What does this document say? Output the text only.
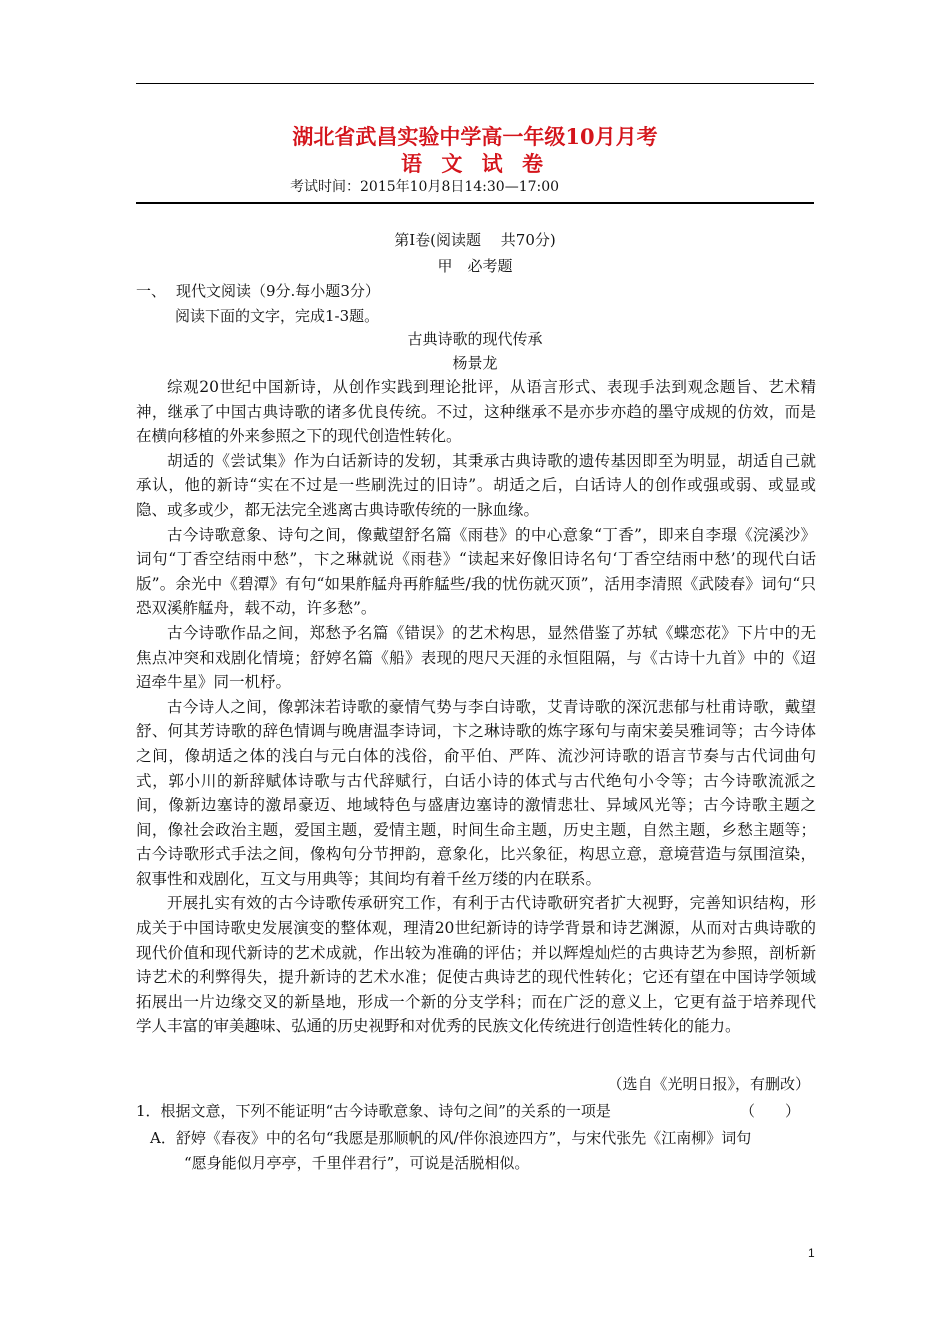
湖北省武昌实验中学高一年级10月月考
语 文 试 卷
考试时间：2015年10月8日14:30—17:00
第Ⅰ卷(阅读题　 共70分)
甲　必考题
一、 现代文阅读（9分.每小题3分）
阅读下面的文字，完成1-3题。
古典诗歌的现代传承
杨景龙

综观20世纪中国新诗，从创作实践到理论批评，从语言形式、表现手法到观念题旨、艺术精神，继承了中国古典诗歌的诸多优良传统。不过，这种继承不是亦步亦趋的墨守成规的仿效，而是在横向移植的外来参照之下的现代创造性转化。

胡适的《尝试集》作为白话新诗的发轫，其秉承古典诗歌的遗传基因即至为明显，胡适自己就承认，他的新诗“实在不过是一些刷洗过的旧诗”。胡适之后，白话诗人的创作或强或弱、或显或隐、或多或少，都无法完全逃离古典诗歌传统的一脉血缘。

古今诗歌意象、诗句之间，像戴望舒名篇《雨巷》的中心意象“丁香”，即来自李璟《浣溪沙》词句“丁香空结雨中愁”，卞之琳就说《雨巷》“读起来好像旧诗名句‘丁香空结雨中愁’的现代白话版”。余光中《碧潭》有句“如果舴艋舟再舴艋些/我的忧伤就灭顶”，活用李清照《武陵春》词句“只恐双溪舴艋舟，载不动，许多愁”。

古今诗歌作品之间，郑愁予名篇《错误》的艺术构思，显然借鉴了苏轼《蝶恋花》下片中的无焦点冲突和戏剧化情境；舒婷名篇《船》表现的咫尺天涯的永恒阻隔，与《古诗十九首》中的《迢迢牵牛星》同一机杼。

古今诗人之间，像郭沫若诗歌的豪情气势与李白诗歌，艾青诗歌的深沉悲郁与杜甫诗歌，戴望舒、何其芳诗歌的辞色情调与晚唐温李诗词，卞之琳诗歌的炼字琢句与南宋姜吴雅词等；古今诗体之间，像胡适之体的浅白与元白体的浅俗，俞平伯、严阵、流沙河诗歌的语言节奏与古代词曲句式，郭小川的新辞赋体诗歌与古代辞赋行，白话小诗的体式与古代绝句小令等；古今诗歌流派之间，像新边塞诗的激昂豪迈、地域特色与盛唐边塞诗的激情悲壮、异域风光等；古今诗歌主题之间，像社会政治主题，爱国主题，爱情主题，时间生命主题，历史主题，自然主题，乡愁主题等；古今诗歌形式手法之间，像构句分节押韵，意象化，比兴象征，构思立意，意境营造与氛围渲染，叙事性和戏剧化，互文与用典等；其间均有着千丝万缕的内在联系。

开展扎实有效的古今诗歌传承研究工作，有利于古代诗歌研究者扩大视野，完善知识结构，形成关于中国诗歌史发展演变的整体观，理清20世纪新诗的诗学背景和诗艺渊源，从而对古典诗歌的现代价值和现代新诗的艺术成就，作出较为准确的评估；并以辉煌灿烂的古典诗艺为参照，剖析新诗艺术的利弊得失，提升新诗的艺术水准；促使古典诗艺的现代性转化；它还有望在中国诗学领域拓展出一片边缘交叉的新垦地，形成一个新的分支学科；而在广泛的意义上，它更有益于培养现代学人丰富的审美趣味、弘通的历史视野和对优秀的民族文化传统进行创造性转化的能力。

（选自《光明日报》，有删改）
1．根据文意，下列不能证明“古今诗歌意象、诗句之间”的关系的一项是	（　　）
A．舒婷《春夜》中的名句“我愿是那顺帆的风/伴你浪迹四方”，与宋代张先《江南柳》词句
“愿身能似月亭亭，千里伴君行”，可说是活脱相似。
1
